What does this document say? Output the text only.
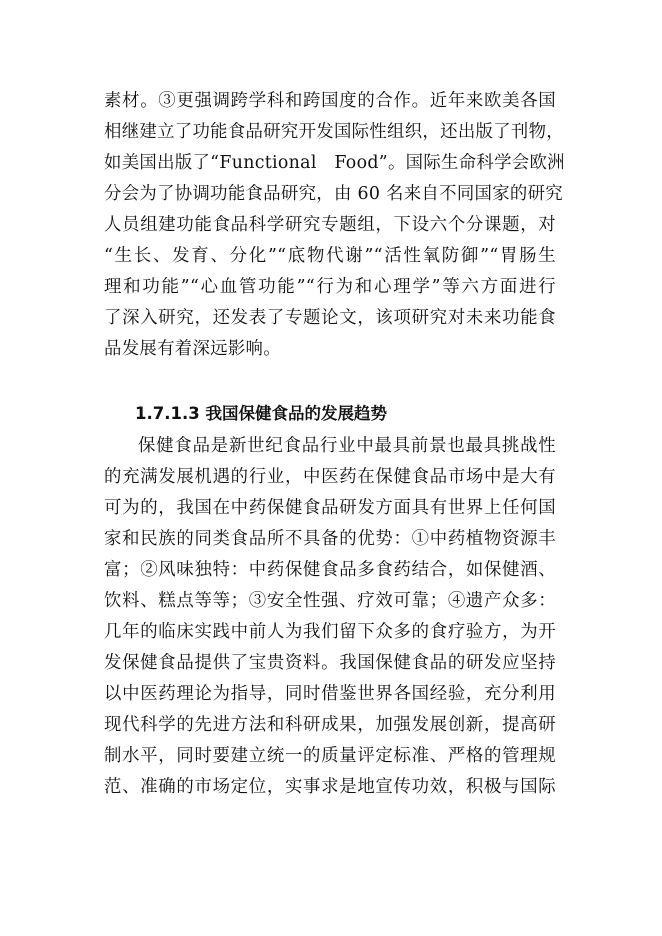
素材。③更强调跨学科和跨国度的合作。近年来欧美各国
相继建立了功能食品研究开发国际性组织，还出版了刊物，
如美国出版了“Functional　Food”。国际生命科学会欧洲
分会为了协调功能食品研究，由 60 名来自不同国家的研究
人员组建功能食品科学研究专题组，下设六个分课题，对
“生长、发育、分化”“底物代谢”“活性氧防御”“胃肠生
理和功能”“心血管功能”“行为和心理学”等六方面进行
了深入研究，还发表了专题论文，该项研究对未来功能食
品发展有着深远影响。
1.7.1.3 我国保健食品的发展趋势
保健食品是新世纪食品行业中最具前景也最具挑战性
的充满发展机遇的行业，中医药在保健食品市场中是大有
可为的，我国在中药保健食品研发方面具有世界上任何国
家和民族的同类食品所不具备的优势：①中药植物资源丰
富；②风味独特：中药保健食品多食药结合，如保健酒、
饮料、糕点等等；③安全性强、疗效可靠；④遗产众多：
几年的临床实践中前人为我们留下众多的食疗验方，为开
发保健食品提供了宝贵资料。我国保健食品的研发应坚持
以中医药理论为指导，同时借鉴世界各国经验，充分利用
现代科学的先进方法和科研成果，加强发展创新，提高研
制水平，同时要建立统一的质量评定标准、严格的管理规
范、准确的市场定位，实事求是地宣传功效，积极与国际
